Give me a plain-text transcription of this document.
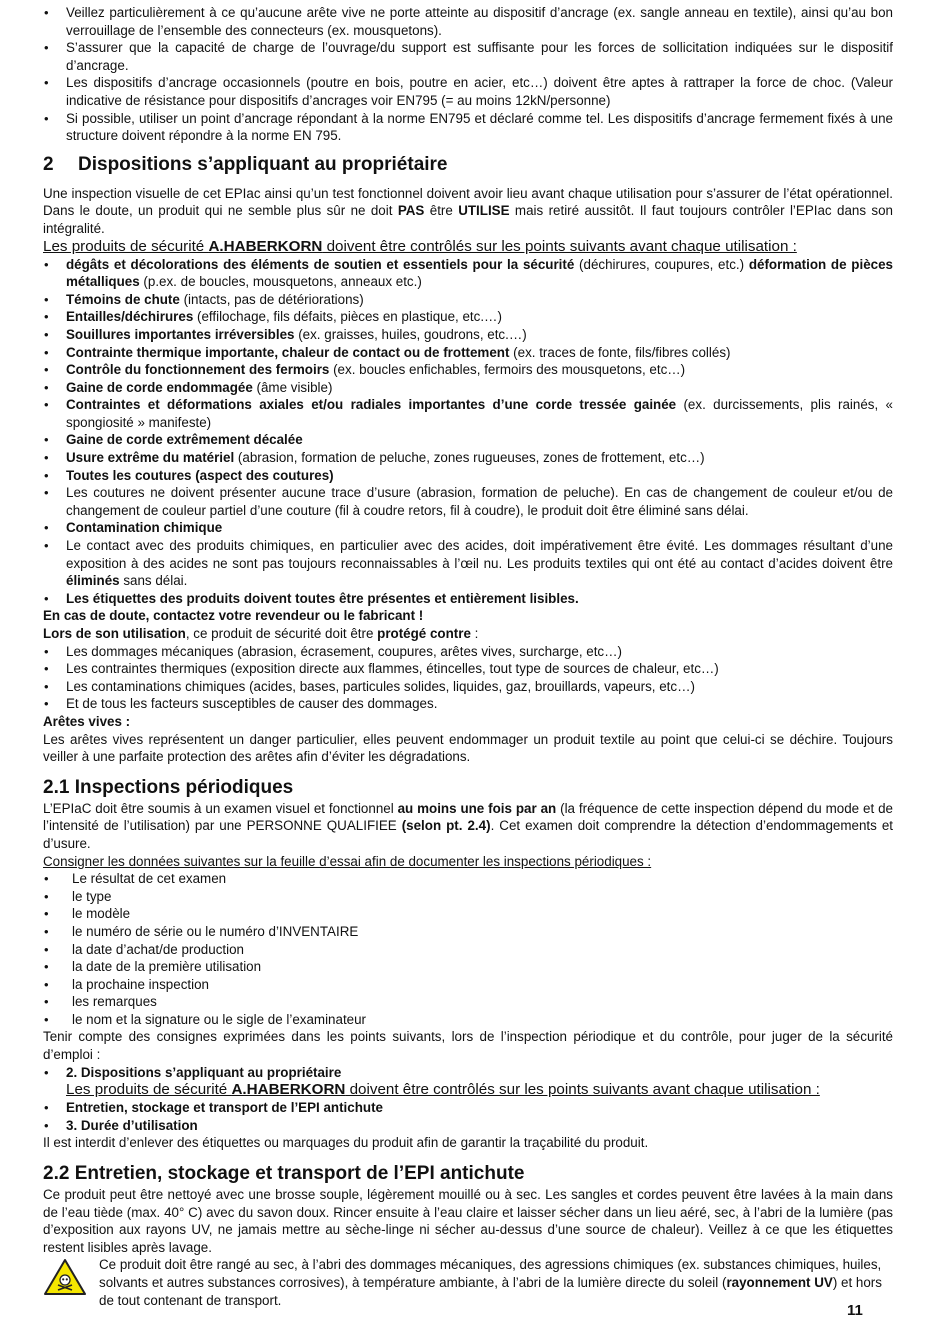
• Veillez particulièrement à ce qu’aucune arête vive ne porte atteinte au dispositif d’ancrage (ex. sangle anneau en textile), ainsi qu’au bon verrouillage de l’ensemble des connecteurs (ex. mousquetons).
• S’assurer que la capacité de charge de l’ouvrage/du support est suffisante pour les forces de sollicitation indiquées sur le dispositif d’ancrage.
• Les dispositifs d’ancrage occasionnels (poutre en bois, poutre en acier, etc…) doivent être aptes à rattraper la force de choc. (Valeur indicative de résistance pour dispositifs d’ancrages voir EN795 (= au moins 12kN/personne)
• Si possible, utiliser un point d’ancrage répondant à la norme EN795 et déclaré comme tel. Les dispositifs d’ancrage fermement fixés à une structure doivent répondre à la norme EN 795.
2 Dispositions s’appliquant au propriétaire

Une inspection visuelle de cet EPIac ainsi qu’un test fonctionnel doivent avoir lieu avant chaque utilisation pour s’assurer de l’état opérationnel. Dans le doute, un produit qui ne semble plus sûr ne doit PAS être UTILISE mais retiré aussitôt. Il faut toujours contrôler l’EPIac dans son intégralité.

Les produits de sécurité A.HABERKORN doivent être contrôlés sur les points suivants avant chaque utilisation :

• dégâts et décolorations des éléments de soutien et essentiels pour la sécurité (déchirures, coupures, etc.) déformation de pièces métalliques (p.ex. de boucles, mousquetons, anneaux etc.)
• Témoins de chute (intacts, pas de détériorations)
• Entailles/déchirures (effilochage, fils défaits, pièces en plastique, etc.…)
• Souillures importantes irréversibles (ex. graisses, huiles, goudrons, etc.…)
• Contrainte thermique importante, chaleur de contact ou de frottement (ex. traces de fonte, fils/fibres collés)
• Contrôle du fonctionnement des fermoirs (ex. boucles enfichables, fermoirs des mousquetons, etc…)
• Gaine de corde endommagée (âme visible)
• Contraintes et déformations axiales et/ou radiales importantes d’une corde tressée gainée (ex. durcissements, plis rainés, « spongiosité » manifeste)
• Gaine de corde extrêmement décalée
• Usure extrême du matériel (abrasion, formation de peluche, zones rugueuses, zones de frottement, etc…)
• Toutes les coutures (aspect des coutures)
• Les coutures ne doivent présenter aucune trace d’usure (abrasion, formation de peluche). En cas de changement de couleur et/ou de changement de couleur partiel d’une couture (fil à coudre retors, fil à coudre), le produit doit être éliminé sans délai.
• Contamination chimique
• Le contact avec des produits chimiques, en particulier avec des acides, doit impérativement être évité. Les dommages résultant d’une exposition à des acides ne sont pas toujours reconnaissables à l’œil nu. Les produits textiles qui ont été au contact d’acides doivent être éliminés sans délai.
• Les étiquettes des produits doivent toutes être présentes et entièrement lisibles.

En cas de doute, contactez votre revendeur ou le fabricant !

Lors de son utilisation, ce produit de sécurité doit être protégé contre :

• Les dommages mécaniques (abrasion, écrasement, coupures, arêtes vives, surcharge, etc…)
• Les contraintes thermiques (exposition directe aux flammes, étincelles, tout type de sources de chaleur, etc…)
• Les contaminations chimiques (acides, bases, particules solides, liquides, gaz, brouillards, vapeurs, etc…)
• Et de tous les facteurs susceptibles de causer des dommages.

Arêtes vives :

Les arêtes vives représentent un danger particulier, elles peuvent endommager un produit textile au point que celui-ci se déchire. Toujours veiller à une parfaite protection des arêtes afin d’éviter les dégradations.

2.1 Inspections périodiques

L’EPIaC doit être soumis à un examen visuel et fonctionnel au moins une fois par an (la fréquence de cette inspection dépend du mode et de l’intensité de l’utilisation) par une PERSONNE QUALIFIEE (selon pt. 2.4). Cet examen doit comprendre la détection d’endommagements et d’usure.

Consigner les données suivantes sur la feuille d’essai afin de documenter les inspections périodiques :

• Le résultat de cet examen
• le type
• le modèle
• le numéro de série ou le numéro d’INVENTAIRE
• la date d’achat/de production
• la date de la première utilisation
• la prochaine inspection
• les remarques
• le nom et la signature ou le sigle de l’examinateur

Tenir compte des consignes exprimées dans les points suivants, lors de l’inspection périodique et du contrôle, pour juger de la sécurité d’emploi :

• 2. Dispositions s’appliquant au propriétaire

Les produits de sécurité A.HABERKORN doivent être contrôlés sur les points suivants avant chaque utilisation :

• Entretien, stockage et transport de l’EPI antichute
• 3. Durée d’utilisation

Il est interdit d’enlever des étiquettes ou marquages du produit afin de garantir la traçabilité du produit.

2.2 Entretien, stockage et transport de l’EPI antichute

Ce produit peut être nettoyé avec une brosse souple, légèrement mouillé ou à sec. Les sangles et cordes peuvent être lavées à la main dans de l’eau tiède (max. 40° C) avec du savon doux. Rincer ensuite à l’eau claire et laisser sécher dans un lieu aéré, sec, à l’abri de la lumière (pas d’exposition aux rayons UV, ne jamais mettre au sèche-linge ni sécher au-dessus d’une source de chaleur). Veillez à ce que les étiquettes restent lisibles après lavage.

Ce produit doit être rangé au sec, à l’abri des dommages mécaniques, des agressions chimiques (ex. substances chimiques, huiles, solvants et autres substances corrosives), à température ambiante, à l’abri de la lumière directe du soleil (rayonnement UV) et hors de tout contenant de transport.

11
